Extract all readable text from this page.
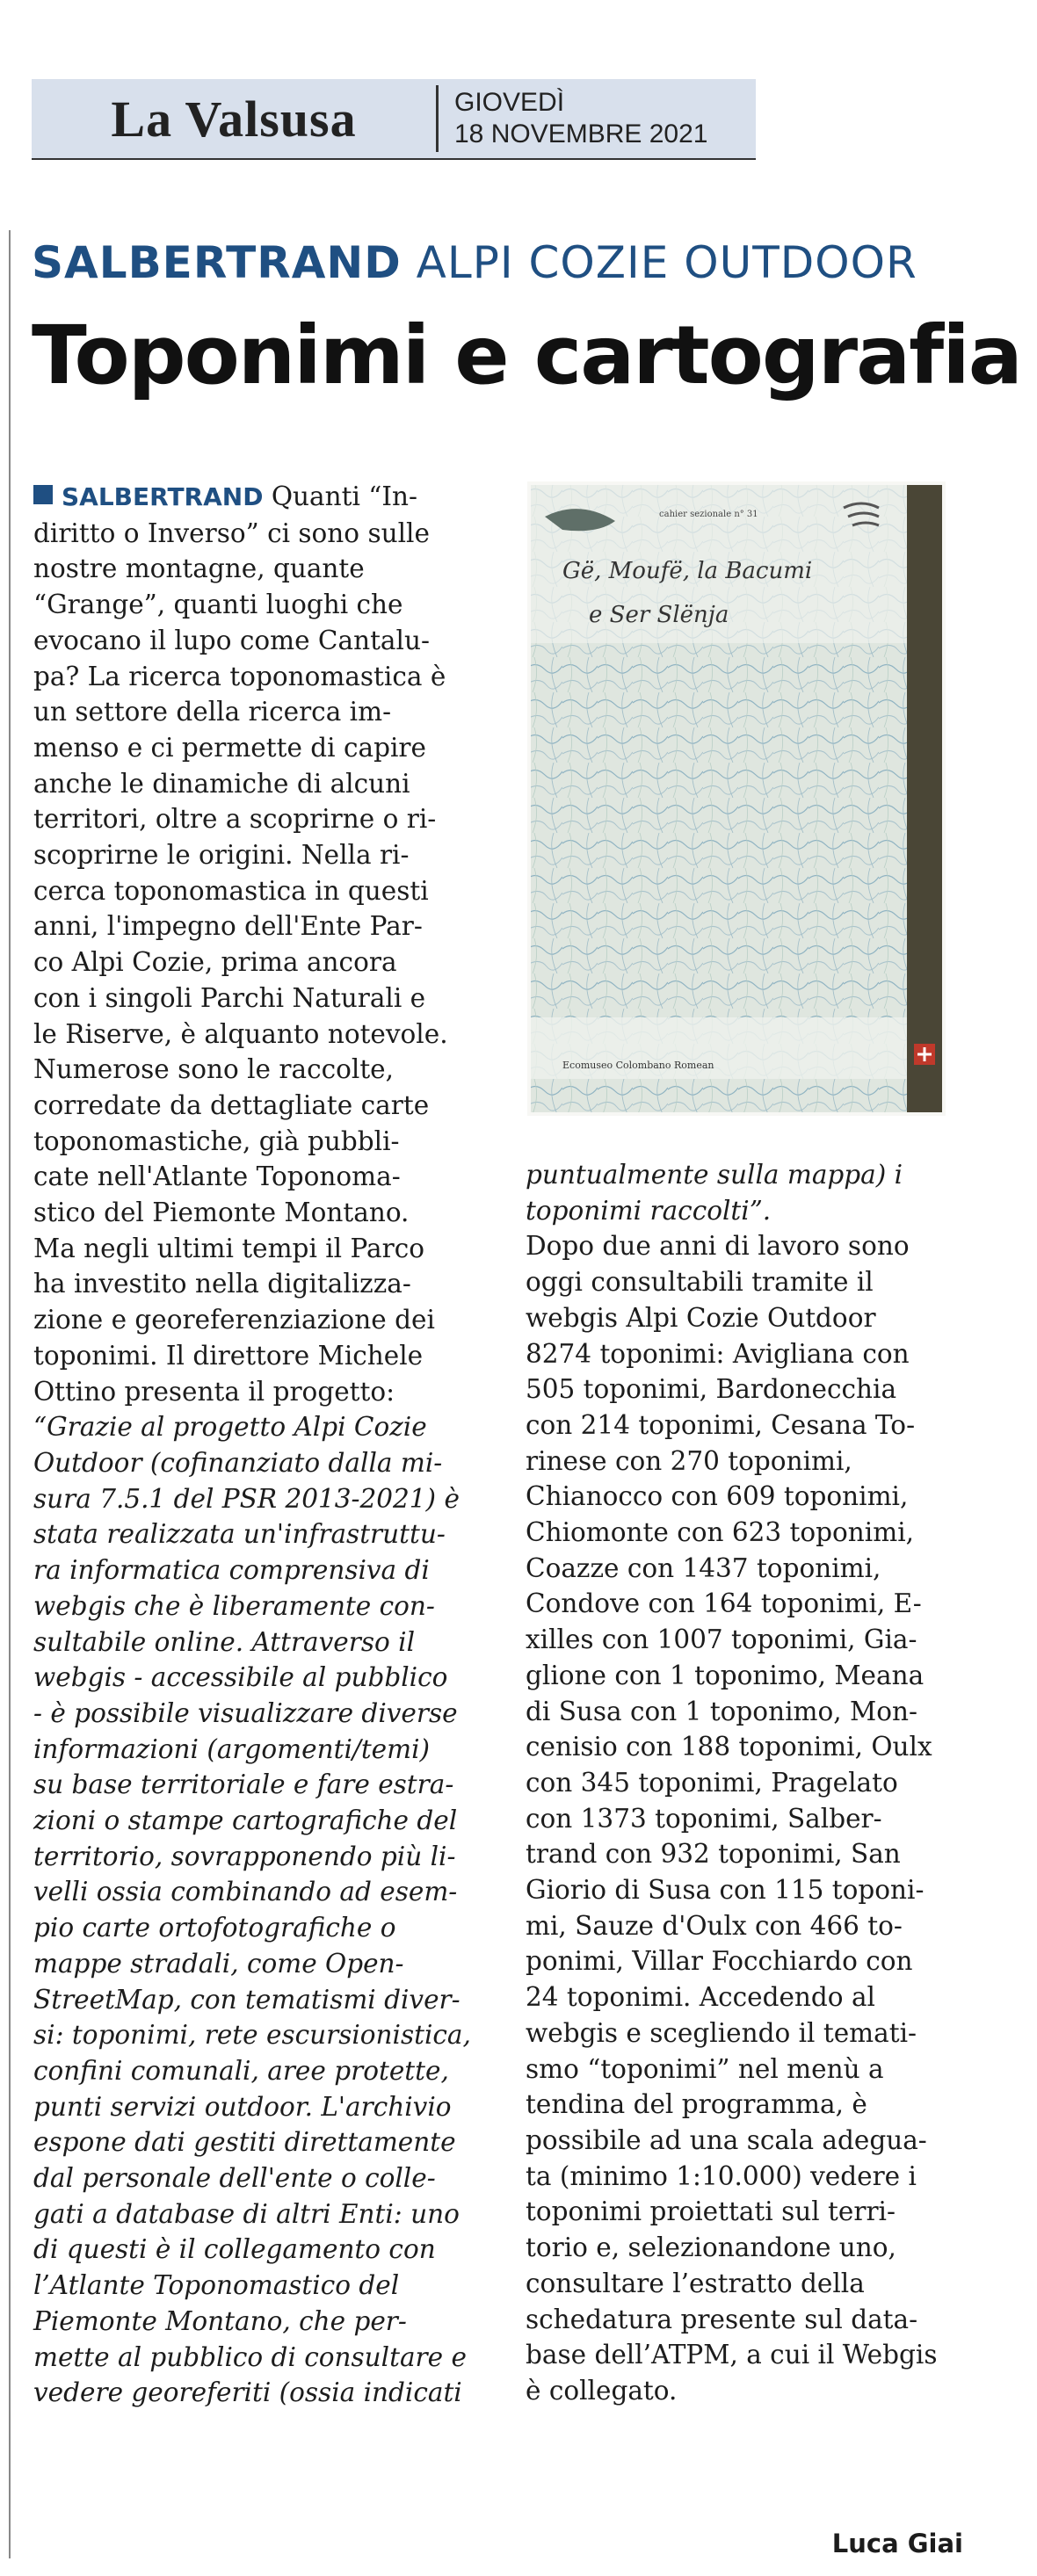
La Valsusa	GIOVEDÌ
18 NOVEMBRE 2021
SALBERTRAND ALPI COZIE OUTDOOR
Toponimi e cartografia
SALBERTRAND Quanti “In-
diritto o Inverso” ci sono sulle
nostre montagne, quante
“Grange”, quanti luoghi che
evocano il lupo come Cantalu-
pa? La ricerca toponomastica è
un settore della ricerca im-
menso e ci permette di capire
anche le dinamiche di alcuni
territori, oltre a scoprirne o ri-
scoprirne le origini. Nella ri-
cerca toponomastica in questi
anni, l'impegno dell'Ente Par-
co Alpi Cozie, prima ancora
con i singoli Parchi Naturali e
le Riserve, è alquanto notevole.
Numerose sono le raccolte,
corredate da dettagliate carte
toponomastiche, già pubbli-
cate nell'Atlante Toponoma-
stico del Piemonte Montano.
Ma negli ultimi tempi il Parco
ha investito nella digitalizza-
zione e georeferenziazione dei
toponimi. Il direttore Michele
Ottino presenta il progetto:
“Grazie al progetto Alpi Cozie
Outdoor (cofinanziato dalla mi-
sura 7.5.1 del PSR 2013-2021) è
stata realizzata un'infrastruttu-
ra informatica comprensiva di
webgis che è liberamente con-
sultabile online. Attraverso il
webgis - accessibile al pubblico
- è possibile visualizzare diverse
informazioni (argomenti/temi)
su base territoriale e fare estra-
zioni o stampe cartografiche del
territorio, sovrapponendo più li-
velli ossia combinando ad esem-
pio carte ortofotografiche o
mappe stradali, come Open-
StreetMap, con tematismi diver-
si: toponimi, rete escursionistica,
confini comunali, aree protette,
punti servizi outdoor. L'archivio
espone dati gestiti direttamente
dal personale dell'ente o colle-
gati a database di altri Enti: uno
di questi è il collegamento con
l’Atlante Toponomastico del
Piemonte Montano, che per-
mette al pubblico di consultare e
vedere georeferiti (ossia indicati
cahier sezionale n° 31
Gë, Moufë, la Bacumi
e Ser Slënja
Ecomuseo Colombano Romean
puntualmente sulla mappa) i
toponimi raccolti”.
Dopo due anni di lavoro sono
oggi consultabili tramite il
webgis Alpi Cozie Outdoor
8274 toponimi: Avigliana con
505 toponimi, Bardonecchia
con 214 toponimi, Cesana To-
rinese con 270 toponimi,
Chianocco con 609 toponimi,
Chiomonte con 623 toponimi,
Coazze con 1437 toponimi,
Condove con 164 toponimi, E-
xilles con 1007 toponimi, Gia-
glione con 1 toponimo, Meana
di Susa con 1 toponimo, Mon-
cenisio con 188 toponimi, Oulx
con 345 toponimi, Pragelato
con 1373 toponimi, Salber-
trand con 932 toponimi, San
Giorio di Susa con 115 toponi-
mi, Sauze d'Oulx con 466 to-
ponimi, Villar Focchiardo con
24 toponimi. Accedendo al
webgis e scegliendo il temati-
smo “toponimi” nel menù a
tendina del programma, è
possibile ad una scala adegua-
ta (minimo 1:10.000) vedere i
toponimi proiettati sul terri-
torio e, selezionandone uno,
consultare l’estratto della
schedatura presente sul data-
base dell’ATPM, a cui il Webgis
è collegato.
Luca Giai
